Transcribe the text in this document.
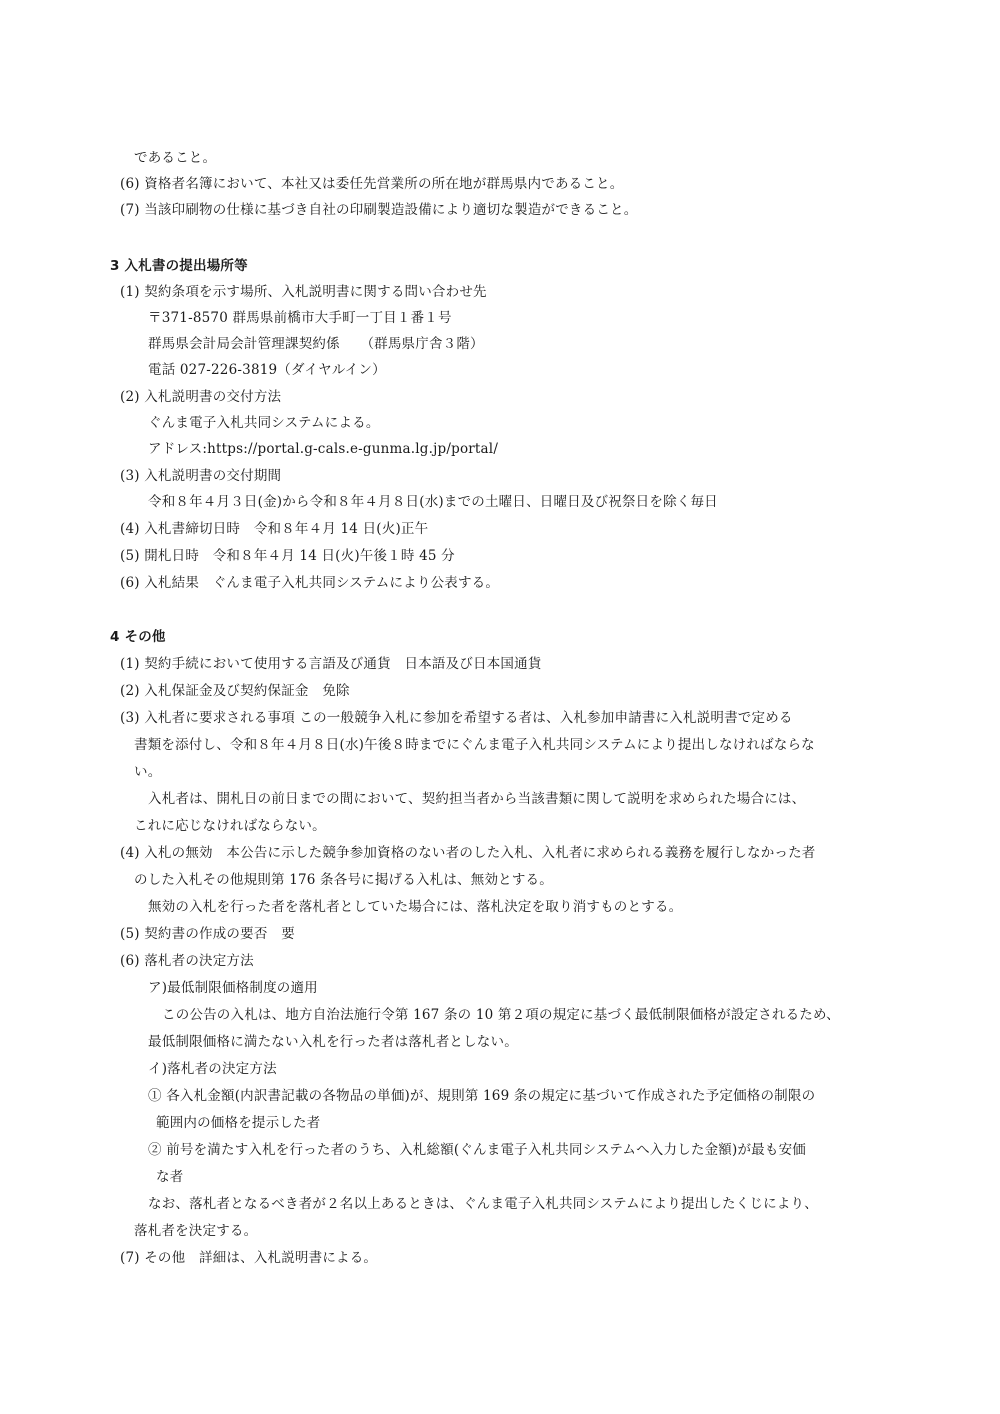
であること。
(6) 資格者名簿において、本社又は委任先営業所の所在地が群馬県内であること。
(7) 当該印刷物の仕様に基づき自社の印刷製造設備により適切な製造ができること。
3 入札書の提出場所等
(1) 契約条項を示す場所、入札説明書に関する問い合わせ先
〒371-8570 群馬県前橋市大手町一丁目１番１号
群馬県会計局会計管理課契約係　　（群馬県庁舎３階）
電話 027-226-3819（ダイヤルイン）
(2) 入札説明書の交付方法
ぐんま電子入札共同システムによる。
アドレス:https://portal.g-cals.e-gunma.lg.jp/portal/
(3) 入札説明書の交付期間
令和８年４月３日(金)から令和８年４月８日(水)までの土曜日、日曜日及び祝祭日を除く毎日
(4) 入札書締切日時　令和８年４月 14 日(火)正午
(5) 開札日時　令和８年４月 14 日(火)午後１時 45 分
(6) 入札結果　ぐんま電子入札共同システムにより公表する。
4 その他
(1) 契約手続において使用する言語及び通貨　日本語及び日本国通貨
(2) 入札保証金及び契約保証金　免除
(3) 入札者に要求される事項 この一般競争入札に参加を希望する者は、入札参加申請書に入札説明書で定める
書類を添付し、令和８年４月８日(水)午後８時までにぐんま電子入札共同システムにより提出しなければならな
い。
入札者は、開札日の前日までの間において、契約担当者から当該書類に関して説明を求められた場合には、
これに応じなければならない。
(4) 入札の無効　本公告に示した競争参加資格のない者のした入札、入札者に求められる義務を履行しなかった者
のした入札その他規則第 176 条各号に掲げる入札は、無効とする。
無効の入札を行った者を落札者としていた場合には、落札決定を取り消すものとする。
(5) 契約書の作成の要否　要
(6) 落札者の決定方法
ア)最低制限価格制度の適用
この公告の入札は、地方自治法施行令第 167 条の 10 第２項の規定に基づく最低制限価格が設定されるため、
最低制限価格に満たない入札を行った者は落札者としない。
イ)落札者の決定方法
① 各入札金額(内訳書記載の各物品の単価)が、規則第 169 条の規定に基づいて作成された予定価格の制限の
範囲内の価格を提示した者
② 前号を満たす入札を行った者のうち、入札総額(ぐんま電子入札共同システムへ入力した金額)が最も安価
な者
なお、落札者となるべき者が２名以上あるときは、ぐんま電子入札共同システムにより提出したくじにより、
落札者を決定する。
(7) その他　詳細は、入札説明書による。
